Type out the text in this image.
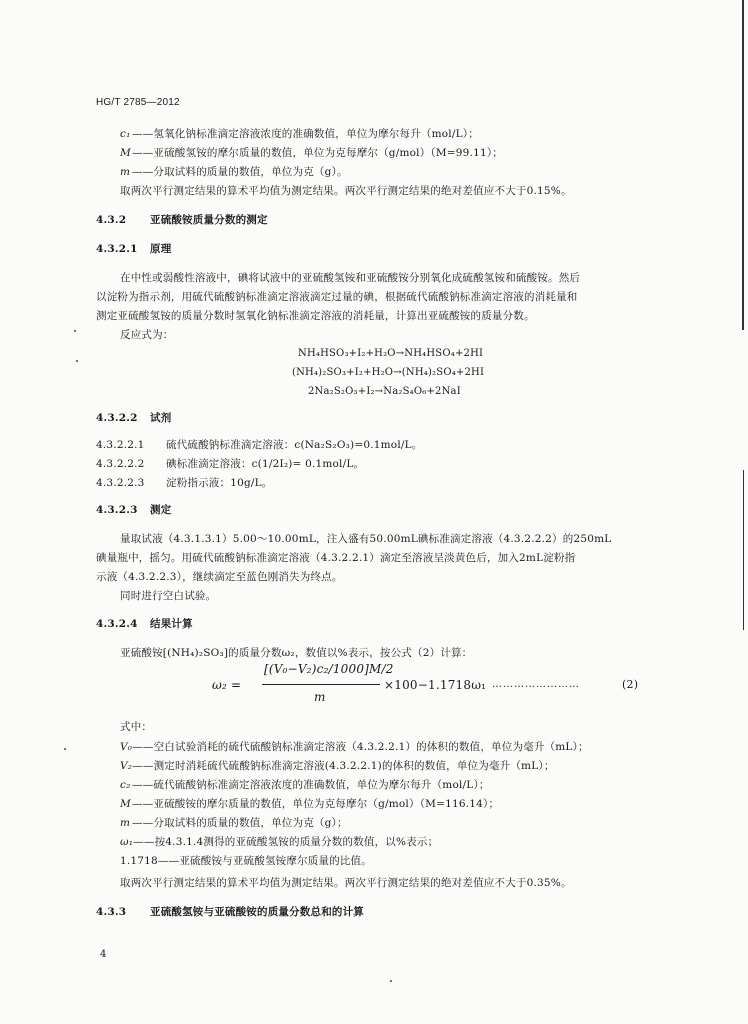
HG/T 2785—2012
c₁ ——氢氧化钠标准滴定溶液浓度的准确数值，单位为摩尔每升（mol/L）；
M——亚硫酸氢铵的摩尔质量的数值，单位为克每摩尔（g/mol）（M=99.11）；
m ——分取试料的质量的数值，单位为克（g）。
取两次平行测定结果的算术平均值为测定结果。两次平行测定结果的绝对差值应不大于0.15%。
4.3.2 亚硫酸铵质量分数的测定
4.3.2.1 原理
在中性或弱酸性溶液中，碘将试液中的亚硫酸氢铵和亚硫酸铵分别氧化成硫酸氢铵和硫酸铵。然后
以淀粉为指示剂，用硫代硫酸钠标准滴定溶液滴定过量的碘，根据硫代硫酸钠标准滴定溶液的消耗量和
测定亚硫酸氢铵的质量分数时氢氧化钠标准滴定溶液的消耗量，计算出亚硫酸铵的质量分数。
反应式为：
NH₄HSO₃+I₂+H₂O→NH₄HSO₄+2HI
(NH₄)₂SO₃+I₂+H₂O→(NH₄)₂SO₄+2HI
2Na₂S₂O₃+I₂→Na₂S₄O₆+2NaI
4.3.2.2 试剂
4.3.2.2.1 硫代硫酸钠标准滴定溶液：c(Na₂S₂O₃)=0.1mol/L。
4.3.2.2.2 碘标准滴定溶液：c(1/2I₂)= 0.1mol/L。
4.3.2.2.3 淀粉指示液：10g/L。
4.3.2.3 测定
量取试液（4.3.1.3.1）5.00～10.00mL，注入盛有50.00mL碘标准滴定溶液（4.3.2.2.2）的250mL
碘量瓶中，摇匀。用硫代硫酸钠标准滴定溶液（4.3.2.2.1）滴定至溶液呈淡黄色后，加入2mL淀粉指
示液（4.3.2.2.3），继续滴定至蓝色刚消失为终点。
同时进行空白试验。
4.3.2.4 结果计算
亚硫酸铵[(NH₄)₂SO₃]的质量分数ω₂，数值以%表示，按公式（2）计算：
ω₂ =
[(V₀−V₂)c₂/1000]M/2
m
×100−1.1718ω₁ ……………………	(2)
式中：
V₀——空白试验消耗的硫代硫酸钠标准滴定溶液（4.3.2.2.1）的体积的数值，单位为毫升（mL）；
V₂——测定时消耗硫代硫酸钠标准滴定溶液(4.3.2.2.1)的体积的数值，单位为毫升（mL）；
c₂ ——硫代硫酸钠标准滴定溶液浓度的准确数值，单位为摩尔每升（mol/L）；
M——亚硫酸铵的摩尔质量的数值，单位为克每摩尔（g/mol）（M=116.14）；
m ——分取试料的质量的数值，单位为克（g）；
ω₁——按4.3.1.4测得的亚硫酸氢铵的质量分数的数值，以%表示；
1.1718——亚硫酸铵与亚硫酸氢铵摩尔质量的比值。
取两次平行测定结果的算术平均值为测定结果。两次平行测定结果的绝对差值应不大于0.35%。
4.3.3 亚硫酸氢铵与亚硫酸铵的质量分数总和的计算
4
